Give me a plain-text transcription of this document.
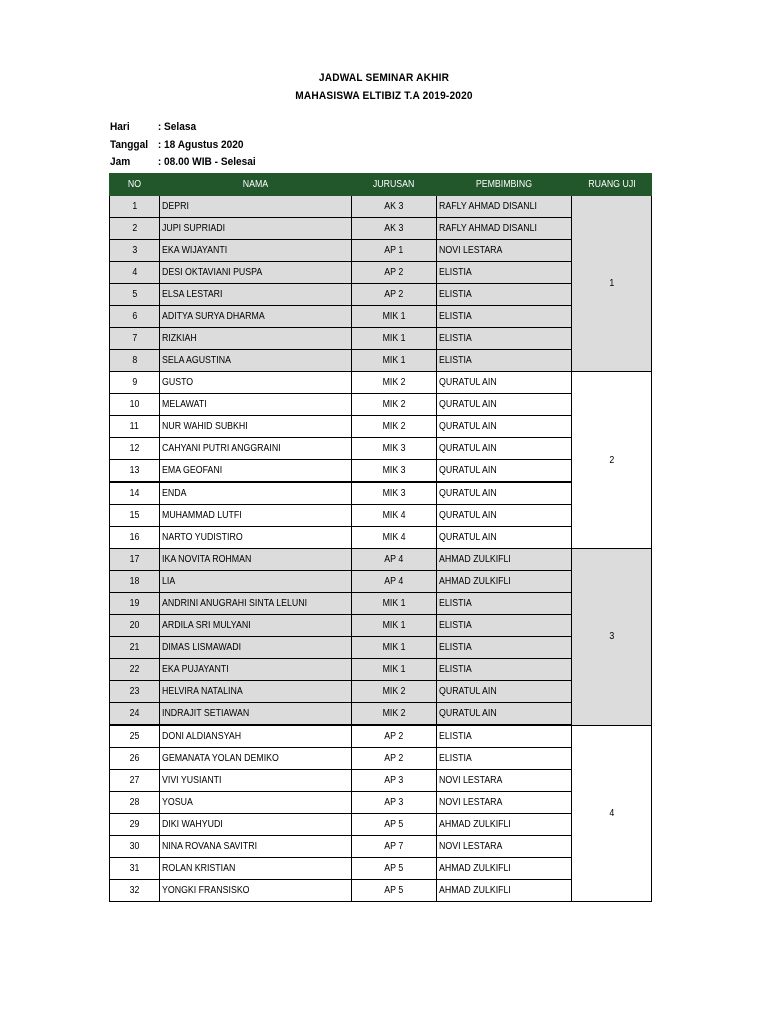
JADWAL SEMINAR AKHIR
MAHASISWA ELTIBIZ T.A 2019-2020
Hari	: Selasa
Tanggal : 18 Agustus 2020
Jam	: 08.00 WIB - Selesai
NO	NAMA	JURUSAN	PEMBIMBING	RUANG UJI
1	DEPRI	AK 3	RAFLY AHMAD DISANLI	1
2	JUPI SUPRIADI	AK 3	RAFLY AHMAD DISANLI	
3	EKA WIJAYANTI	AP 1	NOVI LESTARA	
4	DESI OKTAVIANI PUSPA	AP 2	ELISTIA	
5	ELSA LESTARI	AP 2	ELISTIA	
6	ADITYA SURYA DHARMA	MIK 1	ELISTIA	
7	RIZKIAH	MIK 1	ELISTIA	
8	SELA AGUSTINA	MIK 1	ELISTIA	
9	GUSTO	MIK 2	QURATUL AIN	2
10	MELAWATI	MIK 2	QURATUL AIN	
11	NUR WAHID SUBKHI	MIK 2	QURATUL AIN	
12	CAHYANI PUTRI ANGGRAINI	MIK 3	QURATUL AIN	
13	EMA GEOFANI	MIK 3	QURATUL AIN	
14	ENDA	MIK 3	QURATUL AIN	
15	MUHAMMAD LUTFI	MIK 4	QURATUL AIN	
16	NARTO YUDISTIRO	MIK 4	QURATUL AIN	
17	IKA NOVITA ROHMAN	AP 4	AHMAD ZULKIFLI	3
18	LIA	AP 4	AHMAD ZULKIFLI	
19	ANDRINI ANUGRAHI SINTA LELUNI	MIK 1	ELISTIA	
20	ARDILA SRI MULYANI	MIK 1	ELISTIA	
21	DIMAS LISMAWADI	MIK 1	ELISTIA	
22	EKA PUJAYANTI	MIK 1	ELISTIA	
23	HELVIRA NATALINA	MIK 2	QURATUL AIN	
24	INDRAJIT SETIAWAN	MIK 2	QURATUL AIN	
25	DONI ALDIANSYAH	AP 2	ELISTIA	4
26	GEMANATA YOLAN DEMIKO	AP 2	ELISTIA	
27	VIVI YUSIANTI	AP 3	NOVI LESTARA	
28	YOSUA	AP 3	NOVI LESTARA	
29	DIKI WAHYUDI	AP 5	AHMAD ZULKIFLI	
30	NINA ROVANA SAVITRI	AP 7	NOVI LESTARA	
31	ROLAN KRISTIAN	AP 5	AHMAD ZULKIFLI	
32	YONGKI FRANSISKO	AP 5	AHMAD ZULKIFLI	
